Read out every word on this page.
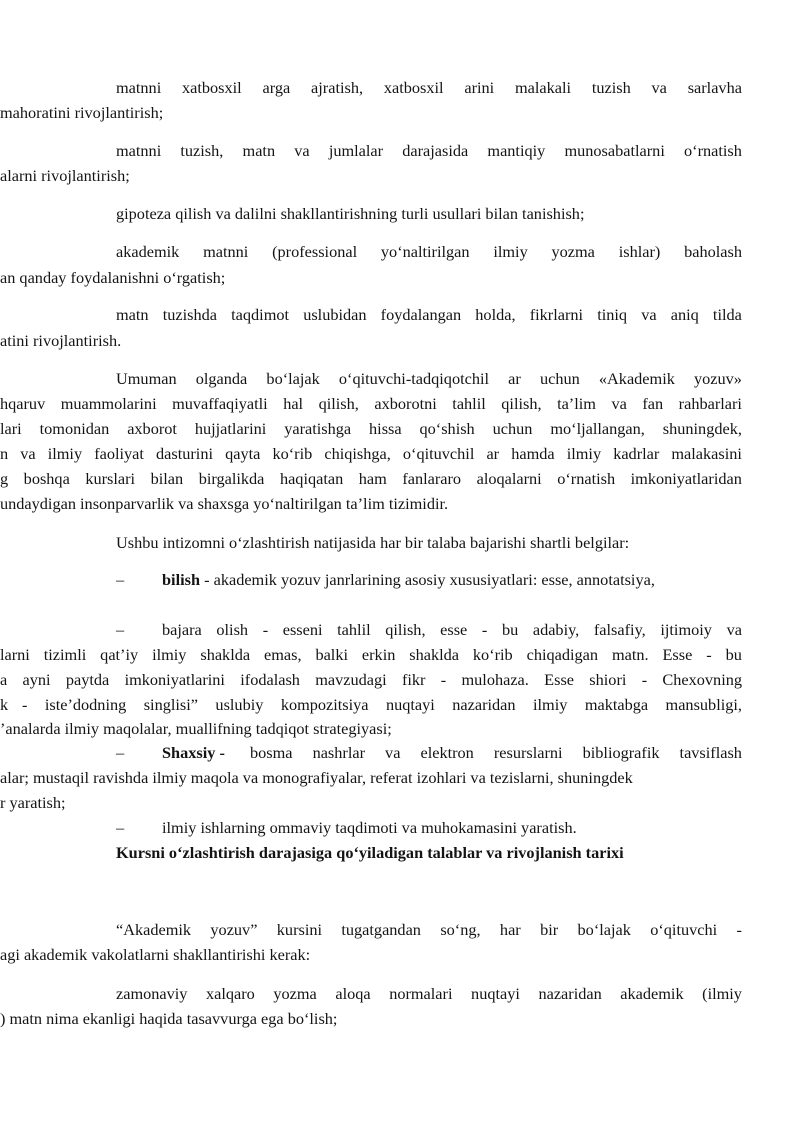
matnni xatbosxil arga ajratish, xatbosxil arini malakali tuzish va sarlavha
mahoratini rivojlantirish;
matnni tuzish, matn va jumlalar darajasida mantiqiy munosabatlarni o‘rnatish
alarni rivojlantirish;
gipoteza qilish va dalilni shakllantirishning turli usullari bilan tanishish;
akademik matnni (professional yo‘naltirilgan ilmiy yozma ishlar) baholash
an qanday foydalanishni o‘rgatish;
matn tuzishda taqdimot uslubidan foydalangan holda, fikrlarni tiniq va aniq tilda
atini rivojlantirish.
Umuman olganda bo‘lajak o‘qituvchi-tadqiqotchil ar uchun «Akademik yozuv»
hqaruv muammolarini muvaffaqiyatli hal qilish, axborotni tahlil qilish, ta’lim va fan rahbarlari
lari tomonidan axborot hujjatlarini yaratishga hissa qo‘shish uchun mo‘ljallangan, shuningdek,
n va ilmiy faoliyat dasturini qayta ko‘rib chiqishga, o‘qituvchil ar hamda ilmiy kadrlar malakasini
g boshqa kurslari bilan birgalikda haqiqatan ham fanlararo aloqalarni o‘rnatish imkoniyatlaridan
undaydigan insonparvarlik va shaxsga yo‘naltirilgan ta’lim tizimidir.
Ushbu intizomni o‘zlashtirish natijasida har bir talaba bajarishi shartli belgilar:
– bilish - akademik yozuv janrlarining asosiy xususiyatlari: esse, annotatsiya,
– bajara olish - esseni tahlil qilish, esse - bu adabiy, falsafiy, ijtimoiy va
larni tizimli qat’iy ilmiy shaklda emas, balki erkin shaklda ko‘rib chiqadigan matn. Esse - bu
a ayni paytda imkoniyatlarini ifodalash mavzudagi fikr - mulohaza. Esse shiori - Chexovning
k - iste’dodning singlisi” uslubiy kompozitsiya nuqtayi nazaridan ilmiy maktabga mansubligi,
’analarda ilmiy maqolalar, muallifning tadqiqot strategiyasi;
– Shaxsiy - bosma nashrlar va elektron resurslarni bibliografik tavsiflash
alar; mustaqil ravishda ilmiy maqola va monografiyalar, referat izohlari va tezislarni, shuningdek
r yaratish;
– ilmiy ishlarning ommaviy taqdimoti va muhokamasini yaratish.
Kursni o‘zlashtirish darajasiga qo‘yiladigan talablar va rivojlanish tarixi
“Akademik yozuv” kursini tugatgandan so‘ng, har bir bo‘lajak o‘qituvchi -
agi akademik vakolatlarni shakllantirishi kerak:
zamonaviy xalqaro yozma aloqa normalari nuqtayi nazaridan akademik (ilmiy
) matn nima ekanligi haqida tasavvurga ega bo‘lish;
